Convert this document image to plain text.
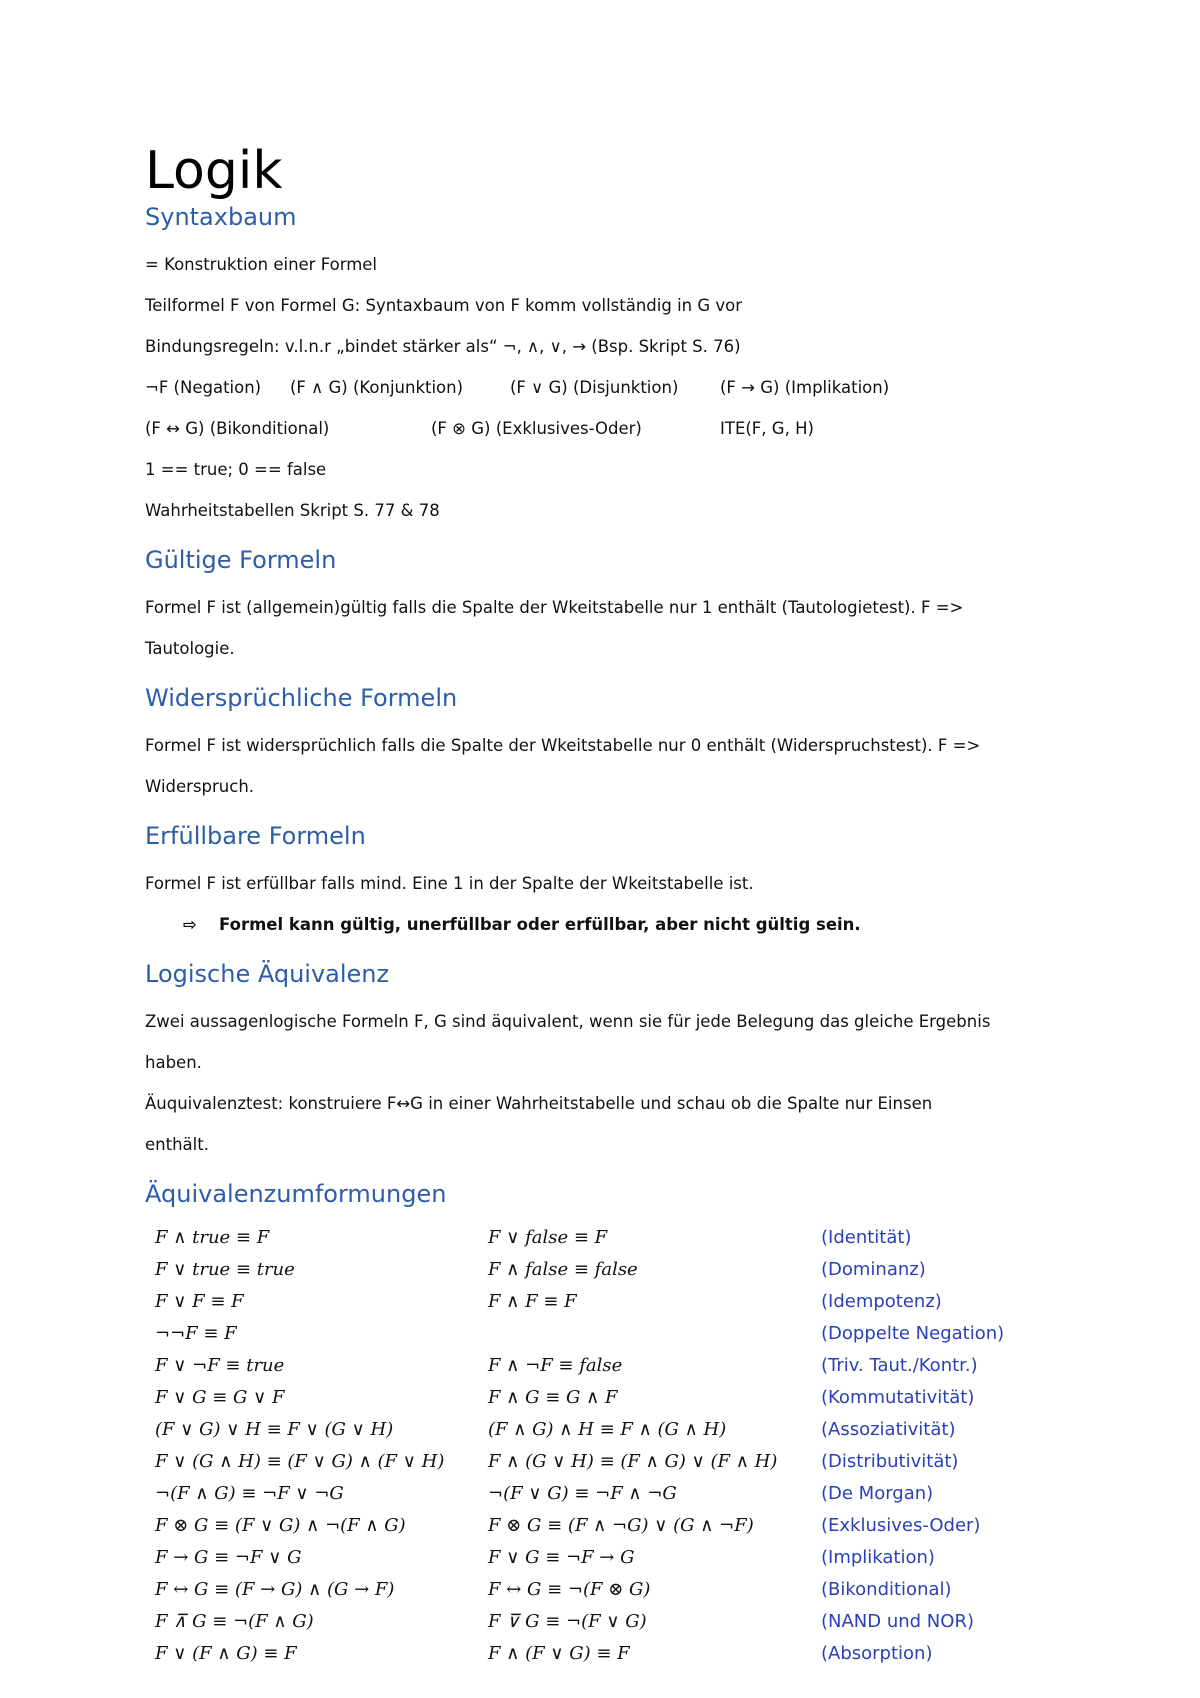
Logik
Syntaxbaum

= Konstruktion einer Formel

Teilformel F von Formel G: Syntaxbaum von F komm vollständig in G vor

Bindungsregeln: v.l.n.r „bindet stärker als“ ¬, ∧, ∨, → (Bsp. Skript S. 76)

¬F (Negation) (F ∧ G) (Konjunktion)	(F ∨ G) (Disjunktion)	(F → G) (Implikation)

(F ↔ G) (Bikonditional)	(F ⊗ G) (Exklusives-Oder)	ITE(F, G, H)

1 == true; 0 == false

Wahrheitstabellen Skript S. 77 & 78

Gültige Formeln

Formel F ist (allgemein)gültig falls die Spalte der Wkeitstabelle nur 1 enthält (Tautologietest). F =>

Tautologie.

Widersprüchliche Formeln

Formel F ist widersprüchlich falls die Spalte der Wkeitstabelle nur 0 enthält (Widerspruchstest). F =>

Widerspruch.

Erfüllbare Formeln

Formel F ist erfüllbar falls mind. Eine 1 in der Spalte der Wkeitstabelle ist.

⇨ Formel kann gültig, unerfüllbar oder erfüllbar, aber nicht gültig sein.

Logische Äquivalenz

Zwei aussagenlogische Formeln F, G sind äquivalent, wenn sie für jede Belegung das gleiche Ergebnis

haben.

Äuquivalenztest: konstruiere F↔G in einer Wahrheitstabelle und schau ob die Spalte nur Einsen

enthält.

Äquivalenzumformungen
F ∧ true ≡ F	F ∨ false ≡ F	(Identität)
F ∨ true ≡ true	F ∧ false ≡ false	(Dominanz)
F ∨ F ≡ F	F ∧ F ≡ F	(Idempotenz)
¬¬F ≡ F		(Doppelte Negation)
F ∨ ¬F ≡ true	F ∧ ¬F ≡ false	(Triv. Taut./Kontr.)
F ∨ G ≡ G ∨ F	F ∧ G ≡ G ∧ F	(Kommutativität)
(F ∨ G) ∨ H ≡ F ∨ (G ∨ H)	(F ∧ G) ∧ H ≡ F ∧ (G ∧ H)	(Assoziativität)
F ∨ (G ∧ H) ≡ (F ∨ G) ∧ (F ∨ H)	F ∧ (G ∨ H) ≡ (F ∧ G) ∨ (F ∧ H)	(Distributivität)
¬(F ∧ G) ≡ ¬F ∨ ¬G	¬(F ∨ G) ≡ ¬F ∧ ¬G	(De Morgan)
F ⊗ G ≡ (F ∨ G) ∧ ¬(F ∧ G)	F ⊗ G ≡ (F ∧ ¬G) ∨ (G ∧ ¬F)	(Exklusives-Oder)
F → G ≡ ¬F ∨ G	F ∨ G ≡ ¬F → G	(Implikation)
F ↔ G ≡ (F → G) ∧ (G → F)	F ↔ G ≡ ¬(F ⊗ G)	(Bikonditional)
F ⊼ G ≡ ¬(F ∧ G)	F ⊽ G ≡ ¬(F ∨ G)	(NAND und NOR)
F ∨ (F ∧ G) ≡ F	F ∧ (F ∨ G) ≡ F	(Absorption)
